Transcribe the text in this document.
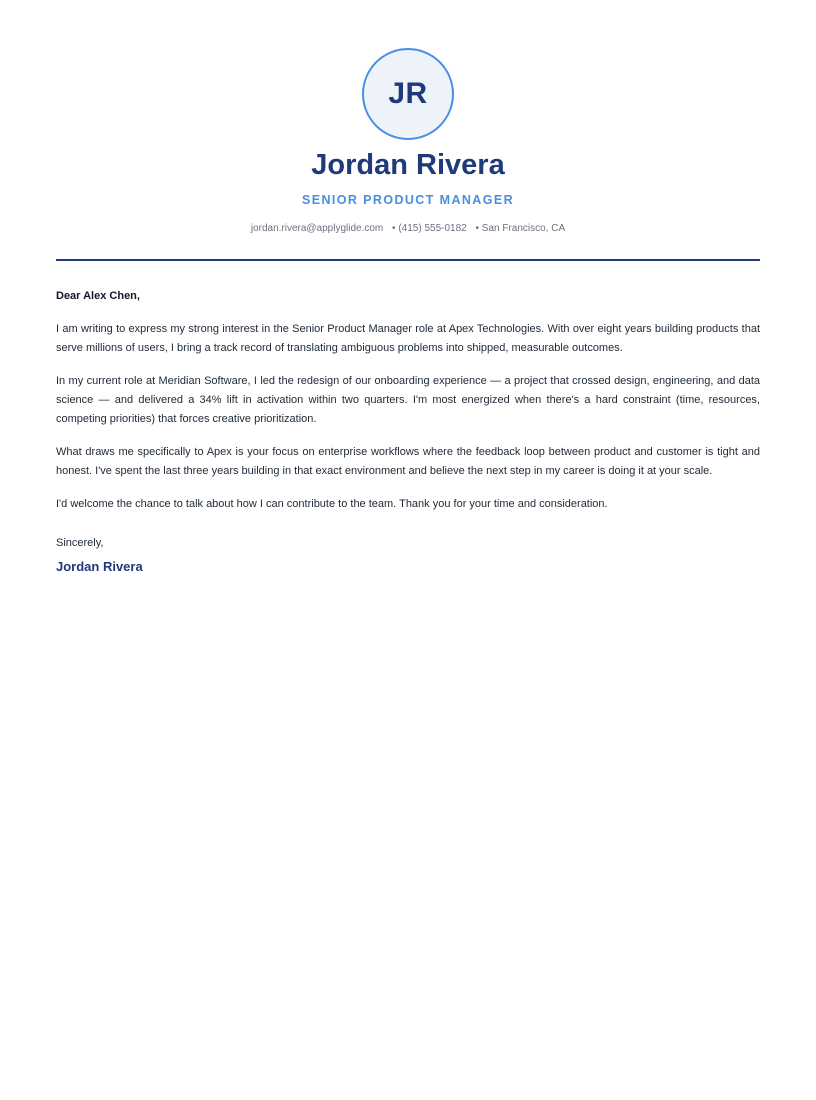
JR
Jordan Rivera
SENIOR PRODUCT MANAGER
jordan.rivera@applyglide.com • (415) 555-0182 • San Francisco, CA

Dear Alex Chen,

I am writing to express my strong interest in the Senior Product Manager role at Apex Technologies. With over eight years building products that serve millions of users, I bring a track record of translating ambiguous problems into shipped, measurable outcomes.

In my current role at Meridian Software, I led the redesign of our onboarding experience — a project that crossed design, engineering, and data science — and delivered a 34% lift in activation within two quarters. I'm most energized when there's a hard constraint (time, resources, competing priorities) that forces creative prioritization.

What draws me specifically to Apex is your focus on enterprise workflows where the feedback loop between product and customer is tight and honest. I've spent the last three years building in that exact environment and believe the next step in my career is doing it at your scale.

I'd welcome the chance to talk about how I can contribute to the team. Thank you for your time and consideration.

Sincerely,
Jordan Rivera
